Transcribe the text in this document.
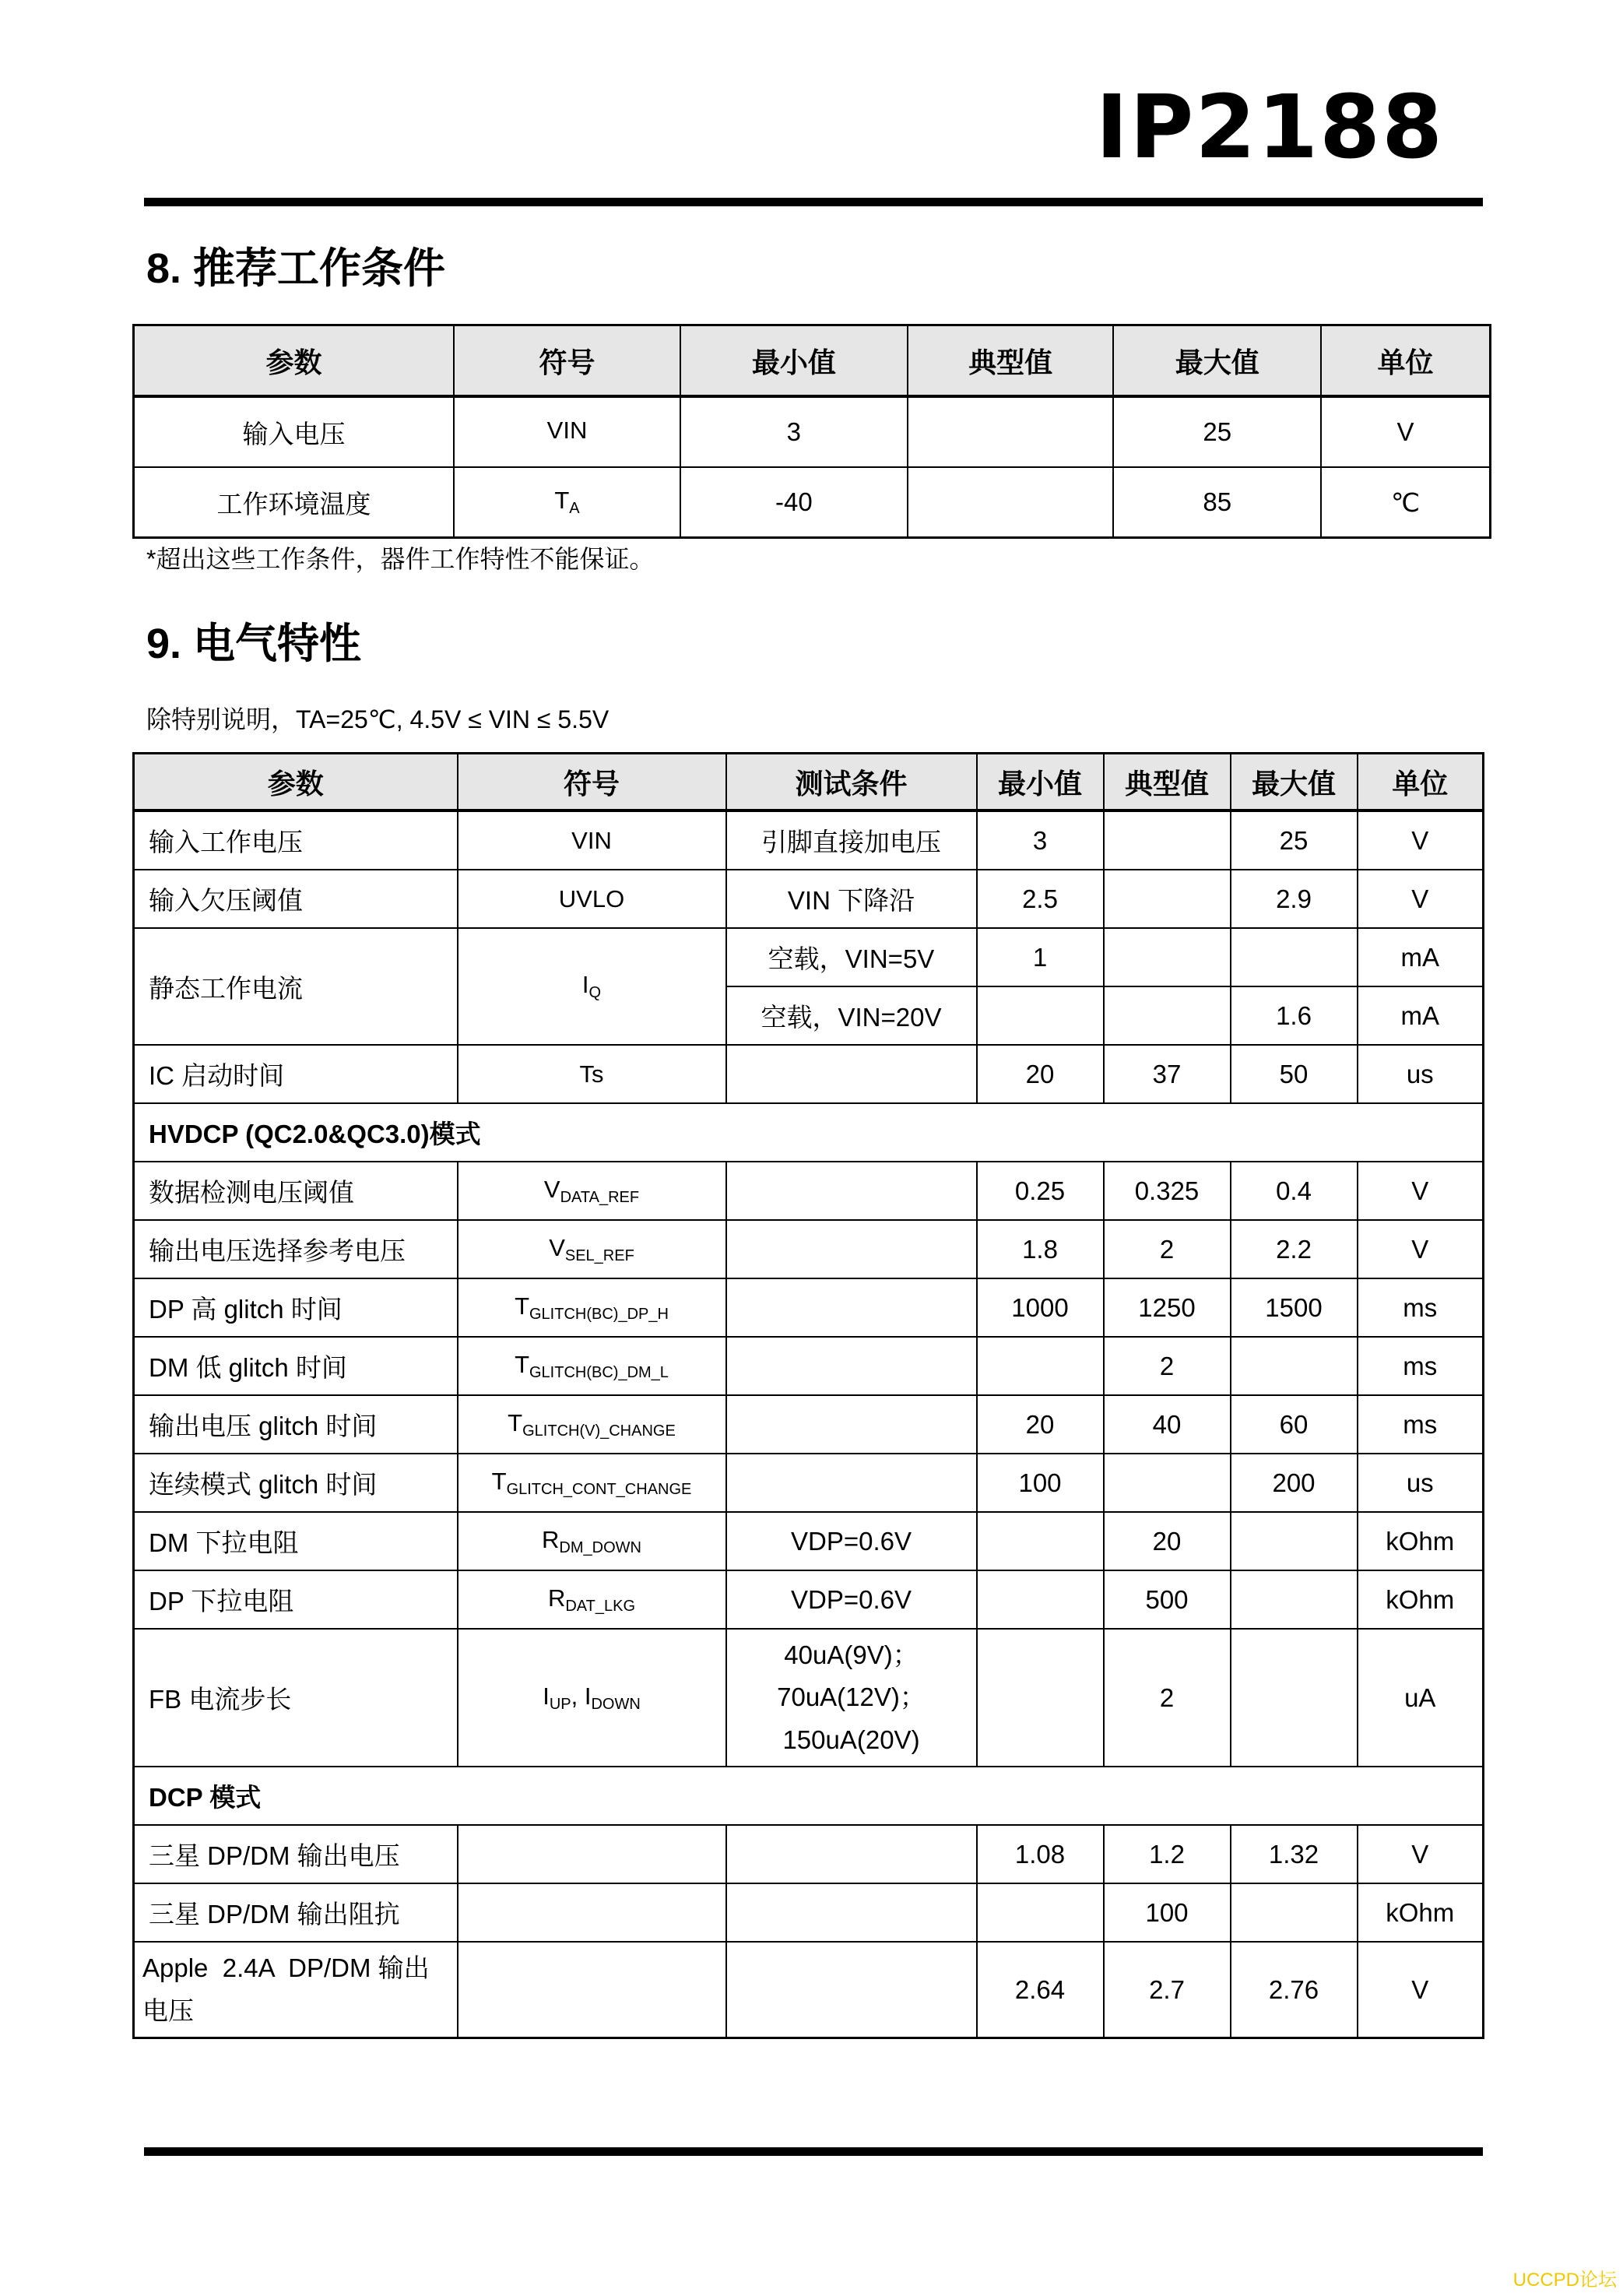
IP2188
8. 推荐工作条件
参数	符号	最小值	典型值	最大值	单位
输入电压	VIN	3		25	V
工作环境温度	$T_A$	-40		85	℃
*超出这些工作条件，器件工作特性不能保证。
9. 电气特性
除特别说明，TA=25℃, 4.5V ≤ VIN ≤ 5.5V
参数	符号	测试条件	最小值	典型值	最大值	单位
输入工作电压	VIN	引脚直接加电压	3		25	V
输入欠压阈值	UVLO	VIN 下降沿	2.5		2.9	V
静态工作电流	$I_Q$	空载，VIN=5V	1			mA
		空载，VIN=20V			1.6	mA
IC 启动时间	Ts		20	37	50	us
HVDCP (QC2.0&QC3.0)模式						
数据检测电压阈值	$V_{DATA\_REF}$		0.25	0.325	0.4	V
输出电压选择参考电压	$V_{SEL\_REF}$		1.8	2	2.2	V
DP 高 glitch 时间	$T_{GLITCH(BC)\_DP\_H}$		1000	1250	1500	ms
DM 低 glitch 时间	$T_{GLITCH(BC)\_DM\_L}$			2		ms
输出电压 glitch 时间	$T_{GLITCH(V)\_CHANGE}$		20	40	60	ms
连续模式 glitch 时间	$T_{GLITCH\_CONT\_CHANGE}$		100		200	us
DM 下拉电阻	$R_{DM\_DOWN}$	VDP=0.6V		20		kOhm
DP 下拉电阻	$R_{DAT\_LKG}$	VDP=0.6V		500		kOhm
FB 电流步长	$I_{UP}$, $I_{DOWN}$	40uA(9V)；
70uA(12V)；
150uA(20V)		2		uA
DCP 模式						
三星 DP/DM 输出电压			1.08	1.2	1.32	V
三星 DP/DM 输出阻抗				100		kOhm

Apple  2.4A  DP/DM 输出
电压			2.64	2.7	2.76	V
UCCPD论坛
